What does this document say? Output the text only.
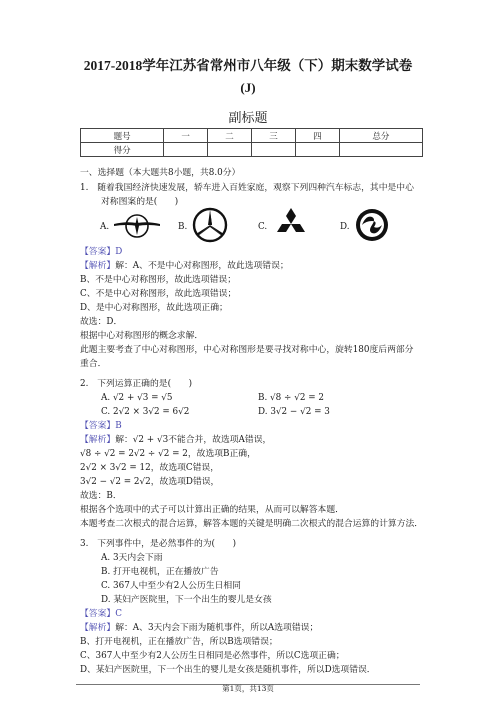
2017-2018学年江苏省常州市八年级（下）期末数学试卷
(J)
副标题
题号	一	二	三	四	总分
得分					
一、选择题（本大题共8小题，共8.0分）
1.　随着我国经济快速发展，轿车进入百姓家庭，观察下列四种汽车标志，其中是中心
对称图案的是(　　)
A.	B.	C.	D.
【答案】D
【解析】解：A、不是中心对称图形，故此选项错误；
B、不是中心对称图形，故此选项错误；
C、不是中心对称图形，故此选项错误；
D、是中心对称图形，故此选项正确；
故选：D．
根据中心对称图形的概念求解．
此题主要考查了中心对称图形，中心对称图形是要寻找对称中心，旋转180度后两部分
重合．
2.　下列运算正确的是(　　)
A. √2 + √3 = √5	B. √8 ÷ √2 = 2
C. 2√2 × 3√2 = 6√2	D. 3√2 − √2 = 3
【答案】B
【解析】解：√2 + √3不能合并，故选项A错误，
√8 ÷ √2 = 2√2 ÷ √2 = 2，故选项B正确，
2√2 × 3√2 = 12，故选项C错误，
3√2 − √2 = 2√2，故选项D错误，
故选：B．
根据各个选项中的式子可以计算出正确的结果，从而可以解答本题．
本题考查二次根式的混合运算，解答本题的关键是明确二次根式的混合运算的计算方法．
3.　下列事件中，是必然事件的为(　　)
A. 3天内会下雨
B. 打开电视机，正在播放广告
C. 367人中至少有2人公历生日相同
D. 某妇产医院里，下一个出生的婴儿是女孩
【答案】C
【解析】解：A、3天内会下雨为随机事件，所以A选项错误；
B、打开电视机，正在播放广告，所以B选项错误；
C、367人中至少有2人公历生日相同是必然事件，所以C选项正确；
D、某妇产医院里，下一个出生的婴儿是女孩是随机事件，所以D选项错误．
第1页，共13页
